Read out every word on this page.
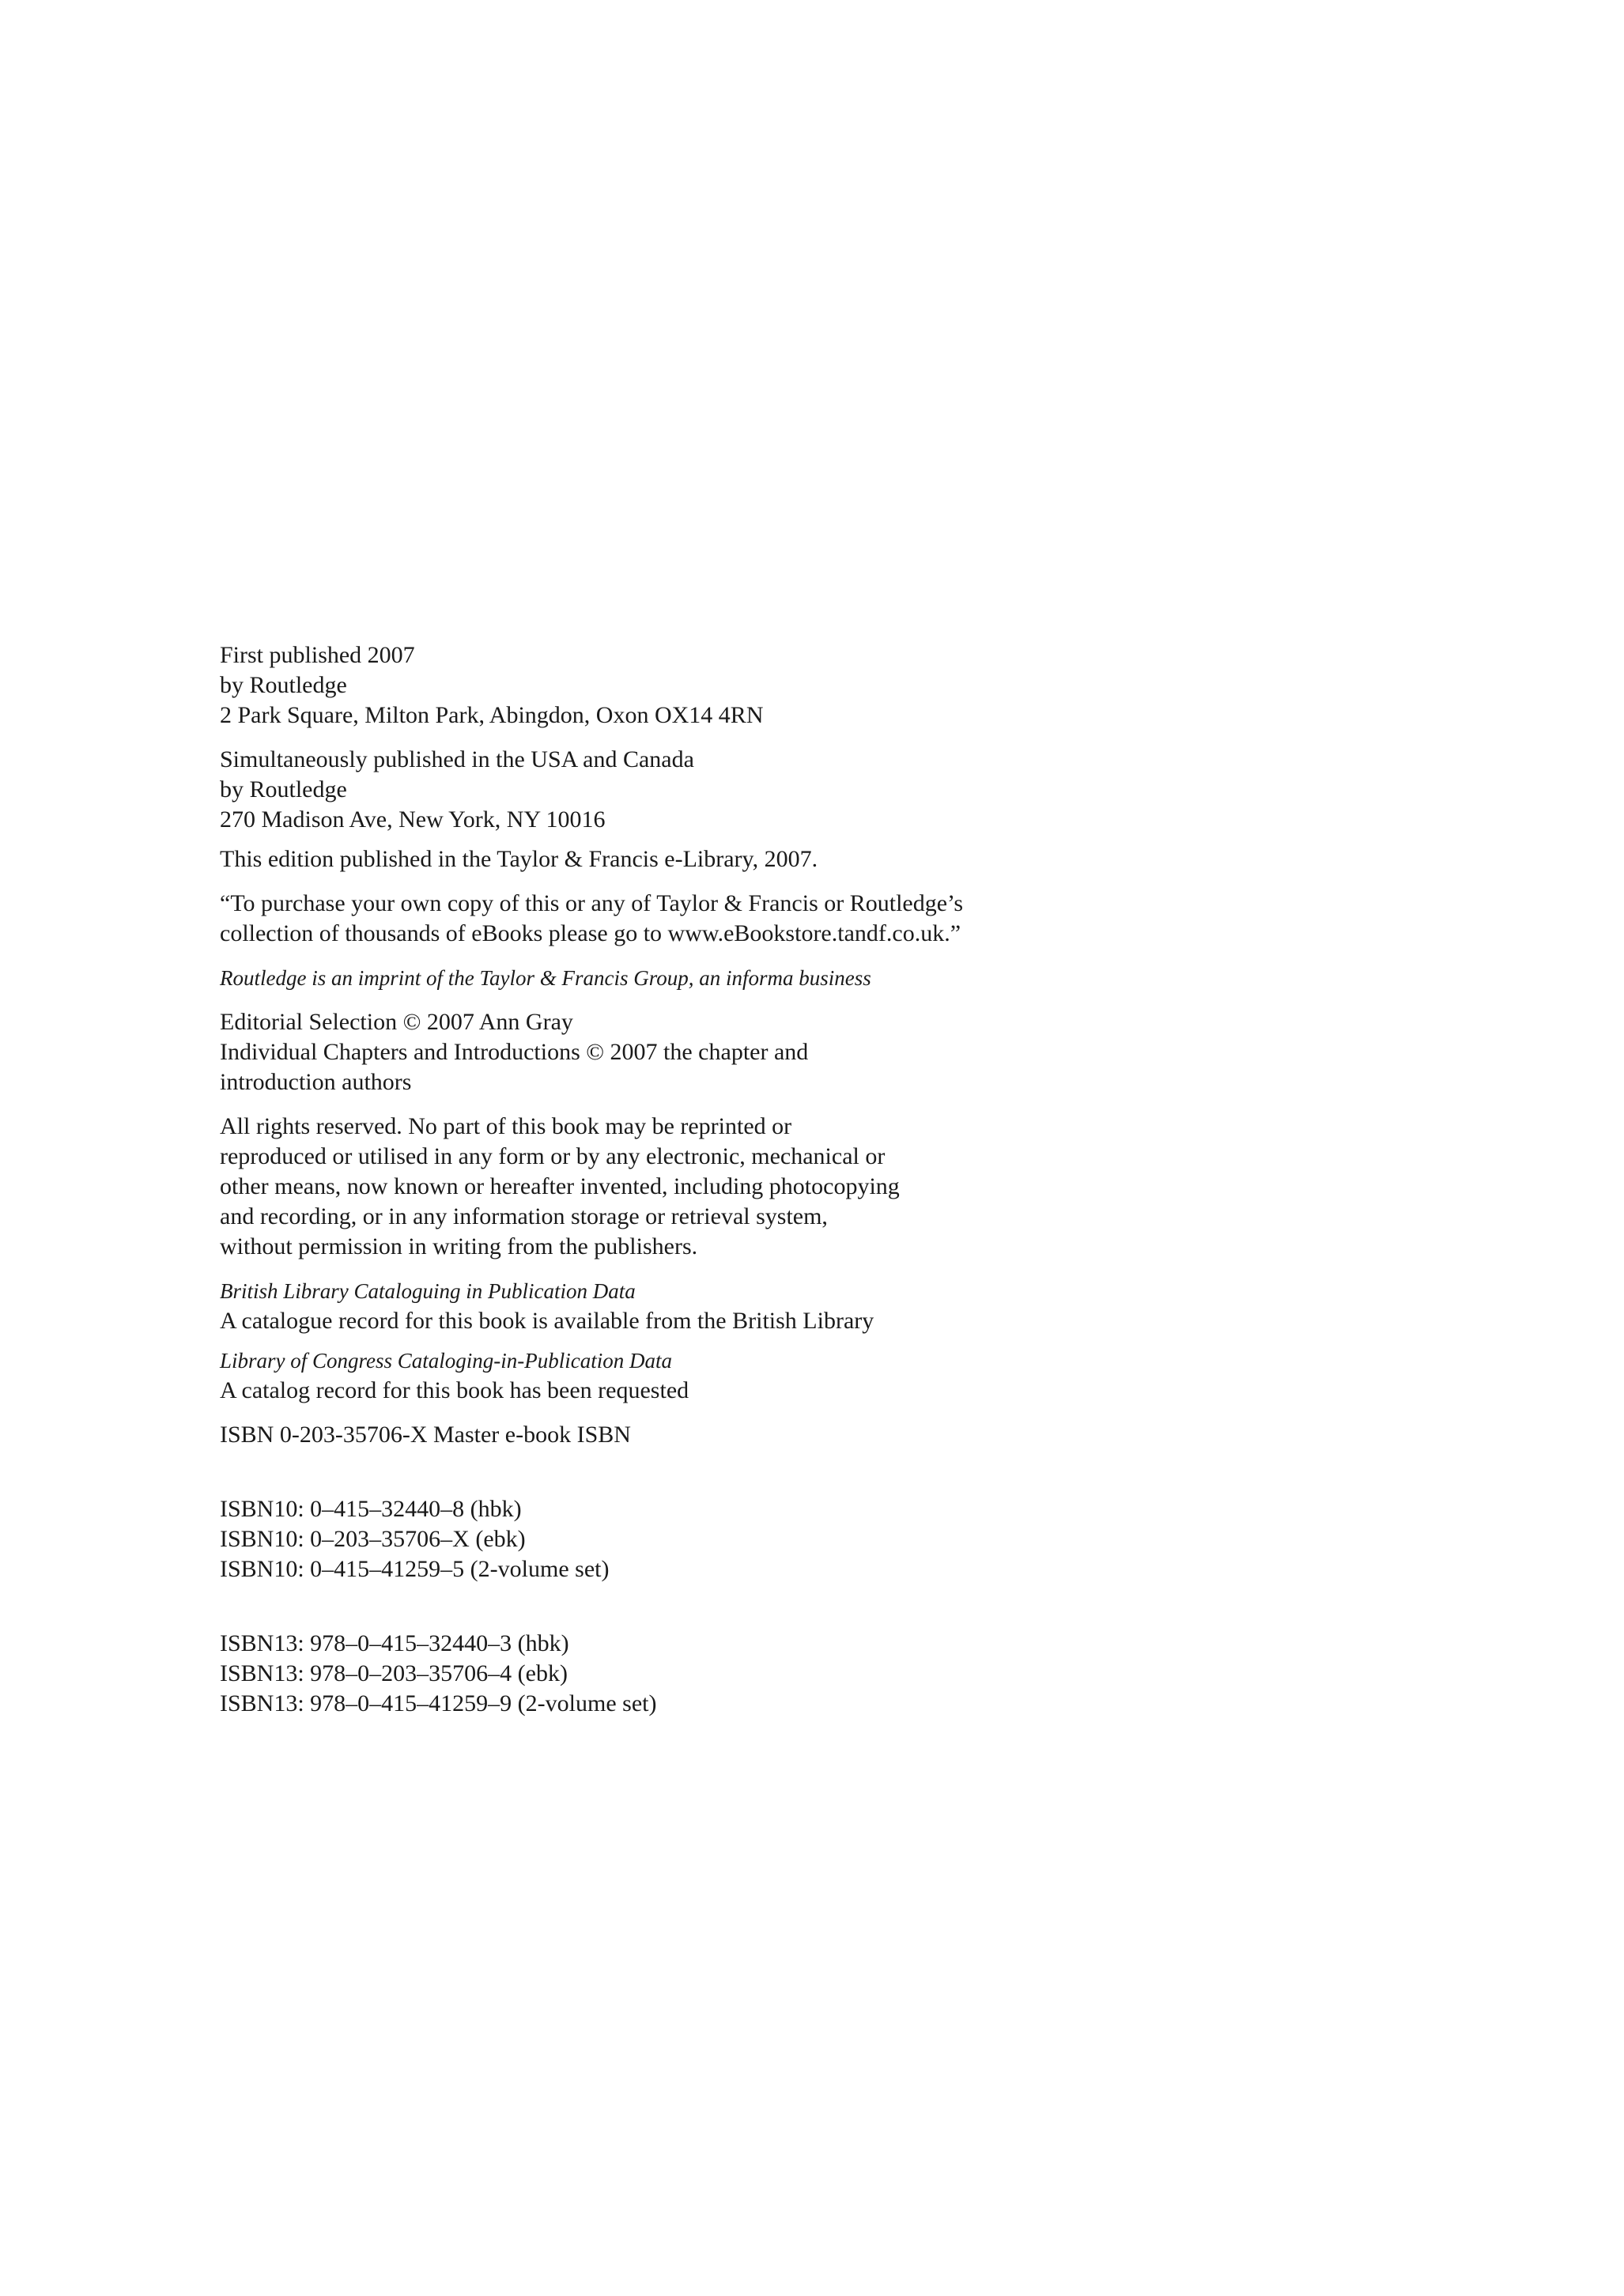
First published 2007
by Routledge
2 Park Square, Milton Park, Abingdon, Oxon OX14 4RN

Simultaneously published in the USA and Canada
by Routledge
270 Madison Ave, New York, NY 10016

This edition published in the Taylor & Francis e-Library, 2007.

“To purchase your own copy of this or any of Taylor & Francis or Routledge’s
collection of thousands of eBooks please go to www.eBookstore.tandf.co.uk.”

Routledge is an imprint of the Taylor & Francis Group, an informa business

Editorial Selection © 2007 Ann Gray
Individual Chapters and Introductions © 2007 the chapter and
introduction authors

All rights reserved. No part of this book may be reprinted or
reproduced or utilised in any form or by any electronic, mechanical or
other means, now known or hereafter invented, including photocopying
and recording, or in any information storage or retrieval system,
without permission in writing from the publishers.

British Library Cataloguing in Publication Data
A catalogue record for this book is available from the British Library

Library of Congress Cataloging-in-Publication Data
A catalog record for this book has been requested

ISBN 0-203-35706-X Master e-book ISBN

ISBN10: 0–415–32440–8 (hbk)
ISBN10: 0–203–35706–X (ebk)
ISBN10: 0–415–41259–5 (2-volume set)

ISBN13: 978–0–415–32440–3 (hbk)
ISBN13: 978–0–203–35706–4 (ebk)
ISBN13: 978–0–415–41259–9 (2-volume set)
